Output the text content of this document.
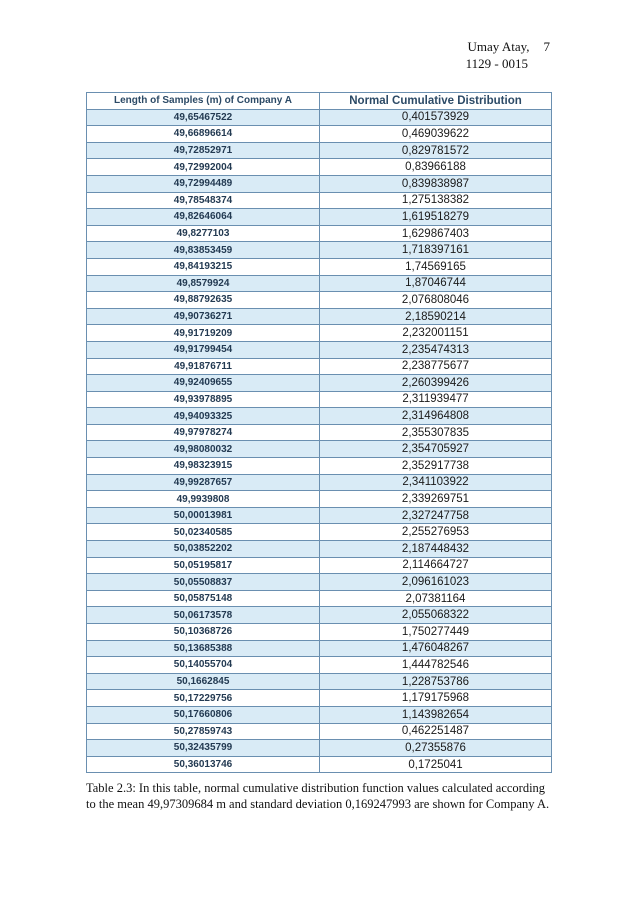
Umay Atay, 7
1129 - 0015
Length of Samples (m) of Company A	Normal Cumulative Distribution
49,65467522	0,401573929
49,66896614	0,469039622
49,72852971	0,829781572
49,72992004	0,83966188
49,72994489	0,839838987
49,78548374	1,275138382
49,82646064	1,619518279
49,8277103	1,629867403
49,83853459	1,718397161
49,84193215	1,74569165
49,8579924	1,87046744
49,88792635	2,076808046
49,90736271	2,18590214
49,91719209	2,232001151
49,91799454	2,235474313
49,91876711	2,238775677
49,92409655	2,260399426
49,93978895	2,311939477
49,94093325	2,314964808
49,97978274	2,355307835
49,98080032	2,354705927
49,98323915	2,352917738
49,99287657	2,341103922
49,9939808	2,339269751
50,00013981	2,327247758
50,02340585	2,255276953
50,03852202	2,187448432
50,05195817	2,114664727
50,05508837	2,096161023
50,05875148	2,07381164
50,06173578	2,055068322
50,10368726	1,750277449
50,13685388	1,476048267
50,14055704	1,444782546
50,1662845	1,228753786
50,17229756	1,179175968
50,17660806	1,143982654
50,27859743	0,462251487
50,32435799	0,27355876
50,36013746	0,1725041
Table 2.3: In this table, normal cumulative distribution function values calculated according to the mean 49,97309684 m and standard deviation 0,169247993 are shown for Company A.
